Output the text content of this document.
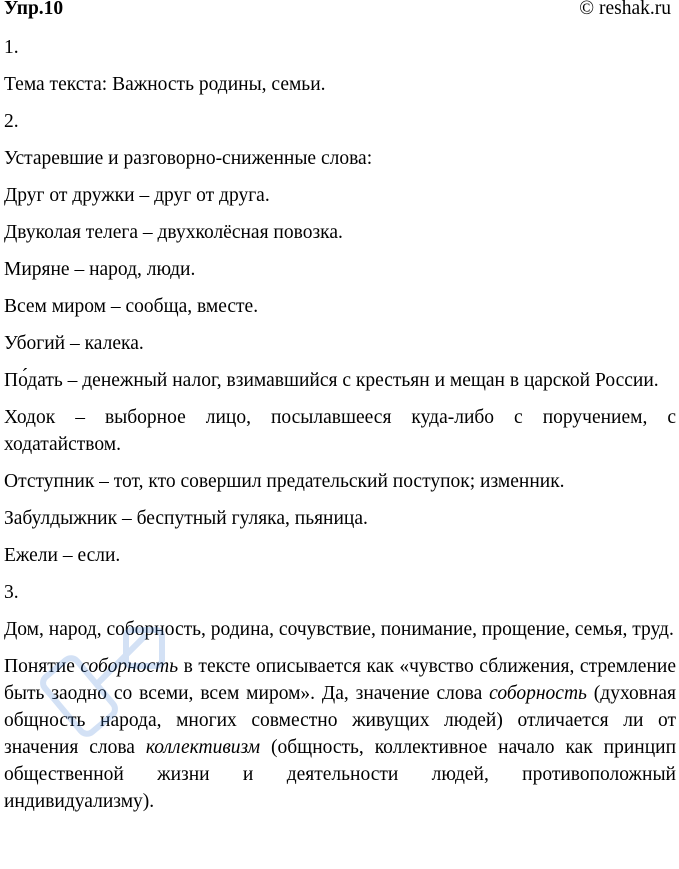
Упр.10	© reshak.ru
1.
Тема текста: Важность родины, семьи.
2.
Устаревшие и разговорно-сниженные слова:
Друг от дружки – друг от друга.
Двуколая телега – двухколёсная повозка.
Миряне – народ, люди.
Всем миром – сообща, вместе.
Убогий – калека.
По́дать – денежный налог, взимавшийся с крестьян и мещан в царской России.
Ходок – выборное лицо, посылавшееся куда-либо с поручением, с ходатайством.
Отступник – тот, кто совершил предательский поступок; изменник.
Забулдыжник – беспутный гуляка, пьяница.
Ежели – если.
3.
Дом, народ, соборность, родина, сочувствие, понимание, прощение, семья, труд.
Понятие соборность в тексте описывается как «чувство сближения, стремление быть заодно со всеми, всем миром». Да, значение слова соборность (духовная общность народа, многих совместно живущих людей) отличается ли от значения слова коллективизм (общность, коллективное начало как принцип общественной жизни и деятельности людей, противоположный индивидуализму).
